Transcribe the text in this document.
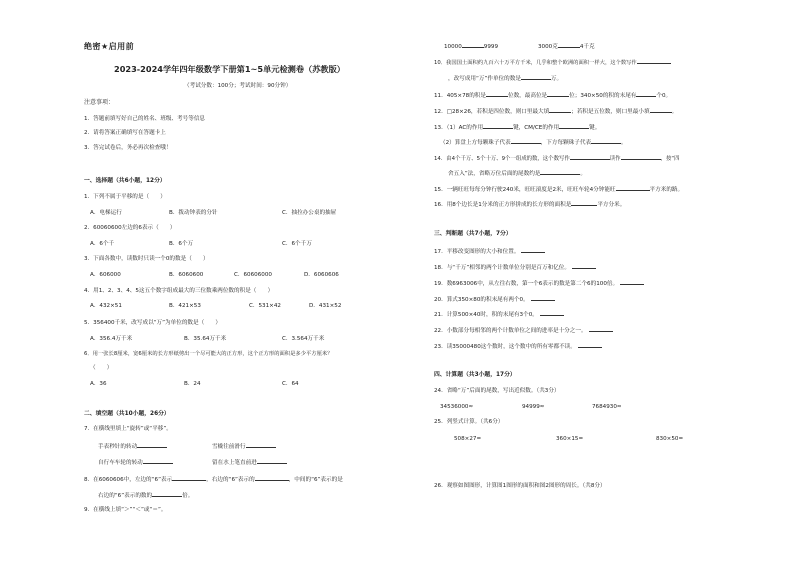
绝密★启用前
2023-2024学年四年级数学下册第1~5单元检测卷（苏教版）
（考试分数：100分；考试时间：90分钟）
注意事项：
1．答题前填写好自己的姓名、班级、考号等信息
2．请将答案正确填写在答题卡上
3．答完试卷后，务必再次检查哦！
一、选择题（共6小题，12分）
1．下列不属于平移的是（　　）
A．电梯运行	B．拨动钟表的分针	C．抽拉办公桌的抽屉
2．60060600左边的6表示（　　）
A．6个千	B．6个万	C．6个千万
3．下面各数中，读数时只读一个0的数是（　　）
A．606000	B．6060600	C．60606000	D．6060606
4．用1、2、3、4、5这五个数字组成最大的三位数乘两位数的积是（　　）
A．432×51	B．421×53	C．531×42	D．431×52
5．356400千米，改写成以“万”为单位的数是（　　）
A．356.4万千米	B．35.64万千米	C．3.564万千米
6．用一张长8厘米，宽6厘米的长方形纸剪出一个尽可能大的正方形，这个正方形的面积是多少平方厘米？
（　　）
A．36	B．24	C．64
二、填空题（共10小题，26分）
7．在横线里填上“旋转”或“平移”。
手表秒针的转动	雪橇往前滑行
自行车车轮的转动	留在水上笔直前进
8．在6060606中，左边的“6”表示	，右边的“6”表示的	，中间的“6”表示的是
右边的“6”表示的数的	倍。
9．在横线上填“＞”“＜”或“＝”。
10000	9999	3000克	4千克
10．我国国土面积约九百六十万平方千米，几乎和整个欧洲的面积一样大，这个数写作
，改写成用“万”作单位的数是	万。
11．405×78的积是	位数，最高位是	位；340×50的积的末尾有	个0。
12．□28×26，若积是四位数，则口里最大填	；若积是五位数，则口里最小填	。
13．（1）AC的作用	键，CM/CE的作用	键。
（2）算盘上方每颗珠子代表	，下方每颗珠子代表	。
14．由4个千万、5个十万、9个一组成的数，这个数写作	读作	，按“四
舍五入”法，省略万位后面的尾数约是	。
15．一辆旺旺每每分钟行驶240米，旺旺滚度是2米，旺旺车轮4分钟能旺	平方米的路。
16．用8个边长是1分米的正方形拼成的长方形的面积是	平方分米。
三、判断题（共7小题，7分）
17．平移改变图形的大小和位置。
18．与“千万”相邻的两个计数单位分别是百万和亿位。
19．数6963006中，从左往右数，第一个6表示的数是第二个6的100倍。
20．算式350×80的积末尾有两个0。
21．计算500×40时，积的末尾有3个0。
22．小数部分每相邻的两个计数单位之间的进率是十分之一。
23．读35000480这个数时，这个数中的所有零都不读。
四、计算题（共3小题，17分）
24．省略“万”后面的尾数，写出近似数。（共3分）
34536000≈	94999≈	7684930≈
25．列竖式计算。（共6分）
508×27=	360×15=	830×50=
26．观察如图图形，计算图1图形的面积和图2图形的周长。（共8分）
